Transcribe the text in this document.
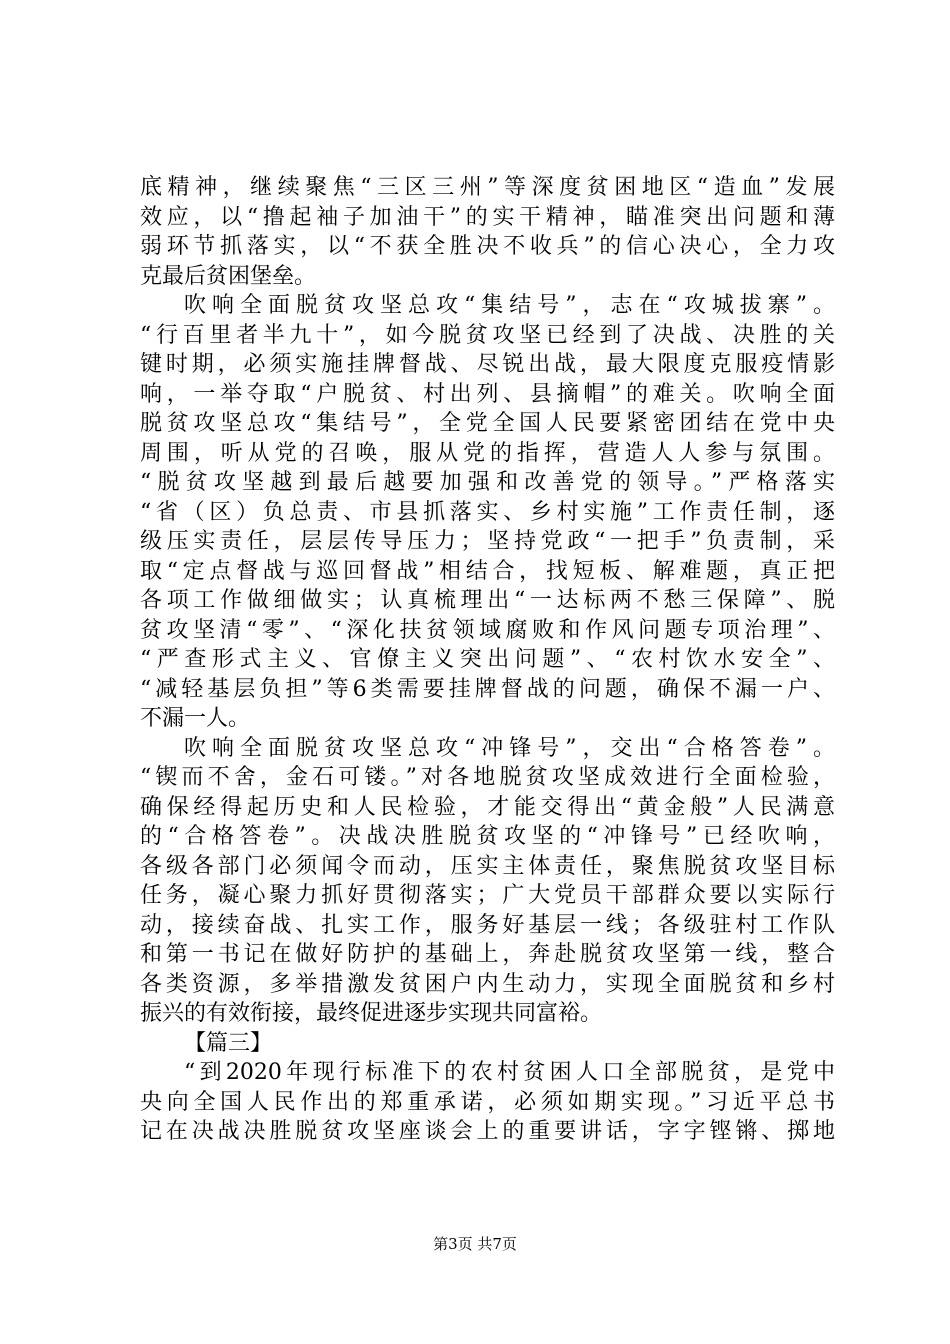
底精神，继续聚焦“三区三州”等深度贫困地区“造血”发展
效应，以“撸起袖子加油干”的实干精神，瞄准突出问题和薄
弱环节抓落实，以“不获全胜决不收兵”的信心决心，全力攻
克最后贫困堡垒。
吹响全面脱贫攻坚总攻“集结号”，志在“攻城拔寨”。
“行百里者半九十”，如今脱贫攻坚已经到了决战、决胜的关
键时期，必须实施挂牌督战、尽锐出战，最大限度克服疫情影
响，一举夺取“户脱贫、村出列、县摘帽”的难关。吹响全面
脱贫攻坚总攻“集结号”，全党全国人民要紧密团结在党中央
周围，听从党的召唤，服从党的指挥，营造人人参与氛围。
“脱贫攻坚越到最后越要加强和改善党的领导。”严格落实
“省（区）负总责、市县抓落实、乡村实施”工作责任制，逐
级压实责任，层层传导压力；坚持党政“一把手”负责制，采
取“定点督战与巡回督战”相结合，找短板、解难题，真正把
各项工作做细做实；认真梳理出“一达标两不愁三保障”、脱
贫攻坚清“零”、“深化扶贫领域腐败和作风问题专项治理”、
“严查形式主义、官僚主义突出问题”、“农村饮水安全”、
“减轻基层负担”等6类需要挂牌督战的问题，确保不漏一户、
不漏一人。
吹响全面脱贫攻坚总攻“冲锋号”，交出“合格答卷”。
“锲而不舍，金石可镂。”对各地脱贫攻坚成效进行全面检验，
确保经得起历史和人民检验，才能交得出“黄金般”人民满意
的“合格答卷”。决战决胜脱贫攻坚的“冲锋号”已经吹响，
各级各部门必须闻令而动，压实主体责任，聚焦脱贫攻坚目标
任务，凝心聚力抓好贯彻落实；广大党员干部群众要以实际行
动，接续奋战、扎实工作，服务好基层一线；各级驻村工作队
和第一书记在做好防护的基础上，奔赴脱贫攻坚第一线，整合
各类资源，多举措激发贫困户内生动力，实现全面脱贫和乡村
振兴的有效衔接，最终促进逐步实现共同富裕。
【篇三】
“到2020年现行标准下的农村贫困人口全部脱贫，是党中
央向全国人民作出的郑重承诺，必须如期实现。”习近平总书
记在决战决胜脱贫攻坚座谈会上的重要讲话，字字铿锵、掷地
第3页 共7页
